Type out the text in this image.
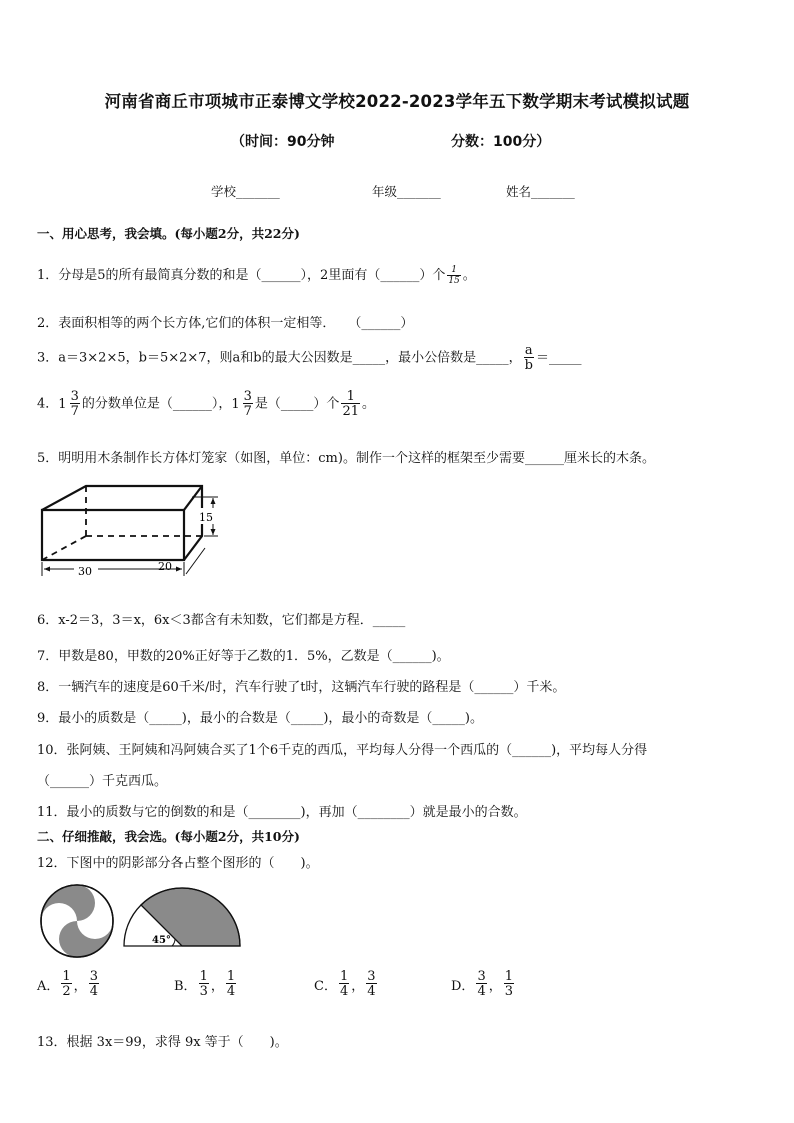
河南省商丘市项城市正泰博文学校2022-2023学年五下数学期末考试模拟试题
（时间：90分钟	分数：100分）
学校_______	年级_______	姓名_______
一、用心思考，我会填。(每小题2分，共22分)
1．分母是5的所有最简真分数的和是（______），2里面有（______）个 $\frac{1}{15}$ 。
2．表面积相等的两个长方体,它们的体积一定相等．　　（______）
3．a＝3×2×5，b＝5×2×7，则a和b的最大公因数是_____，最小公倍数是_____， $\frac{a}{b}$ ＝_____
4． $1 \frac{3}{7}$ 的分数单位是（______）， $1 \frac{3}{7}$ 是（_____）个 $\frac{1}{21}$ 。
5．明明用木条制作长方体灯笼家（如图，单位：cm)。制作一个这样的框架至少需要______厘米长的木条。
15
30	20
6．x-2＝3，3＝x，6x＜3都含有未知数，它们都是方程．_____
7．甲数是80，甲数的20%正好等于乙数的1．5%，乙数是（______)。
8．一辆汽车的速度是60千米/时，汽车行驶了t时，这辆汽车行驶的路程是（______）千米。
9．最小的质数是（_____)，最小的合数是（_____)，最小的奇数是（_____)。
10．张阿姨、王阿姨和冯阿姨合买了1个6千克的西瓜，平均每人分得一个西瓜的（______)，平均每人分得
（______）千克西瓜。
11．最小的质数与它的倒数的和是（________)，再加（________）就是最小的合数。
二、仔细推敲，我会选。(每小题2分，共10分)
12．下图中的阴影部分各占整个图形的（　　)。
45°
A． $\frac{1}{2}$ ， $\frac{3}{4}$	B． $\frac{1}{3}$ ， $\frac{1}{4}$	C． $\frac{1}{4}$ ， $\frac{3}{4}$	D． $\frac{3}{4}$ ， $\frac{1}{3}$
13．根据 3x＝99，求得 9x 等于（　　)。
